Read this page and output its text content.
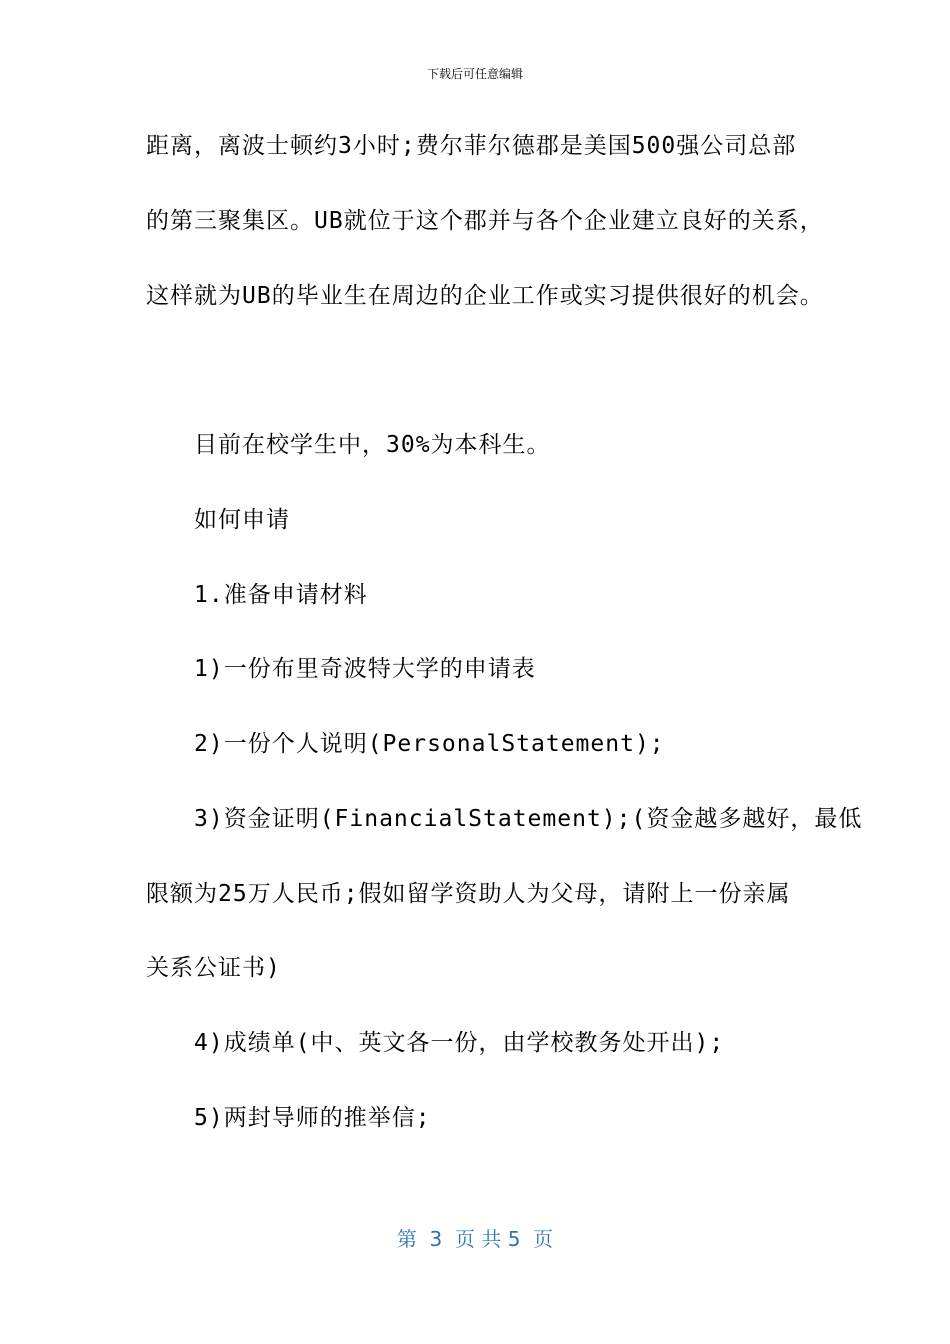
下载后可任意编辑
距离，离波士顿约3小时;费尔菲尔德郡是美国500强公司总部
的第三聚集区。UB就位于这个郡并与各个企业建立良好的关系，
这样就为UB的毕业生在周边的企业工作或实习提供很好的机会。
目前在校学生中，30%为本科生。
如何申请
1.准备申请材料
1)一份布里奇波特大学的申请表
2)一份个人说明(PersonalStatement);
3)资金证明(FinancialStatement);(资金越多越好，最低
限额为25万人民币;假如留学资助人为父母，请附上一份亲属
关系公证书)
4)成绩单(中、英文各一份，由学校教务处开出);
5)两封导师的推举信;
第  3  页 共 5  页
